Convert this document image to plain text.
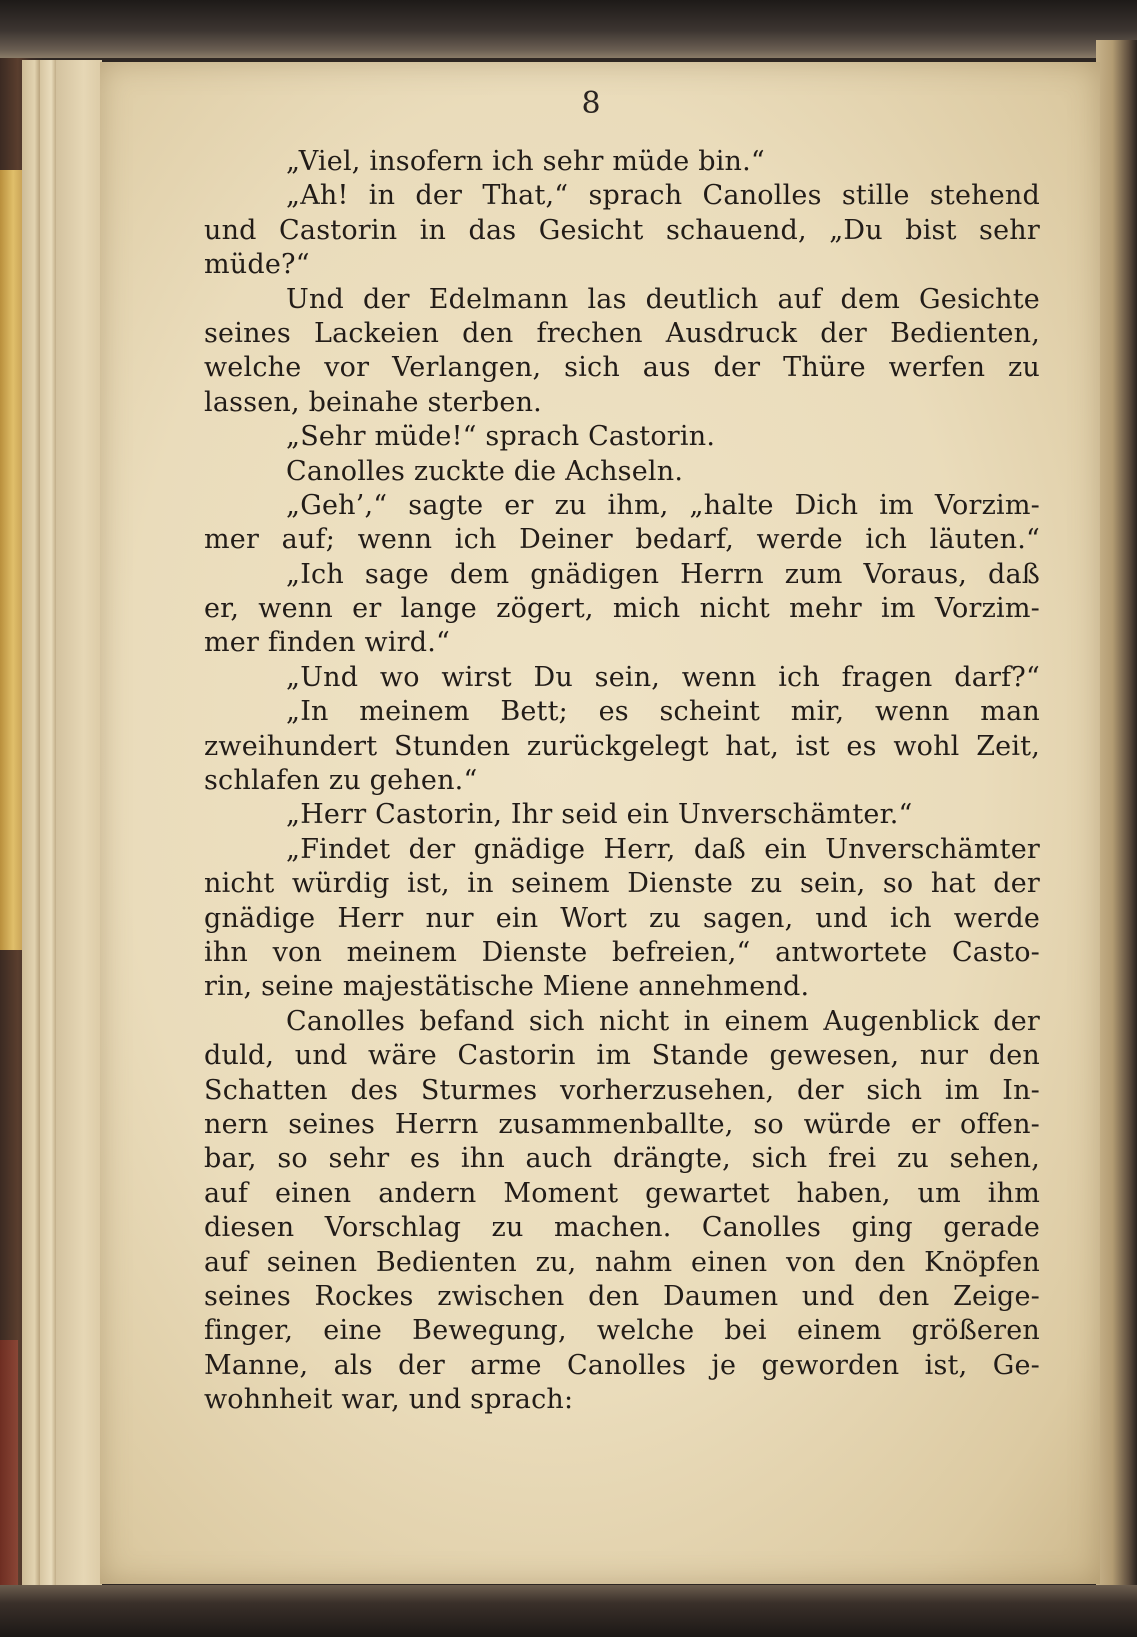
8
„Viel, insofern ich sehr müde bin.“
„Ah! in der That,“ sprach Canolles stille stehend
und Castorin in das Gesicht schauend, „Du bist sehr
müde?“
Und der Edelmann las deutlich auf dem Gesichte
seines Lackeien den frechen Ausdruck der Bedienten,
welche vor Verlangen, sich aus der Thüre werfen zu
lassen, beinahe sterben.
„Sehr müde!“ sprach Castorin.
Canolles zuckte die Achseln.
„Geh’,“ sagte er zu ihm, „halte Dich im Vorzim-
mer auf; wenn ich Deiner bedarf, werde ich läuten.“
„Ich sage dem gnädigen Herrn zum Voraus, daß
er, wenn er lange zögert, mich nicht mehr im Vorzim-
mer finden wird.“
„Und wo wirst Du sein, wenn ich fragen darf?“
„In meinem Bett; es scheint mir, wenn man
zweihundert Stunden zurückgelegt hat, ist es wohl Zeit,
schlafen zu gehen.“
„Herr Castorin, Ihr seid ein Unverschämter.“
„Findet der gnädige Herr, daß ein Unverschämter
nicht würdig ist, in seinem Dienste zu sein, so hat der
gnädige Herr nur ein Wort zu sagen, und ich werde
ihn von meinem Dienste befreien,“ antwortete Casto-
rin, seine majestätische Miene annehmend.
Canolles befand sich nicht in einem Augenblick der
duld, und wäre Castorin im Stande gewesen, nur den
Schatten des Sturmes vorherzusehen, der sich im In-
nern seines Herrn zusammenballte, so würde er offen-
bar, so sehr es ihn auch drängte, sich frei zu sehen,
auf einen andern Moment gewartet haben, um ihm
diesen Vorschlag zu machen. Canolles ging gerade
auf seinen Bedienten zu, nahm einen von den Knöpfen
seines Rockes zwischen den Daumen und den Zeige-
finger, eine Bewegung, welche bei einem größeren
Manne, als der arme Canolles je geworden ist, Ge-
wohnheit war, und sprach:
